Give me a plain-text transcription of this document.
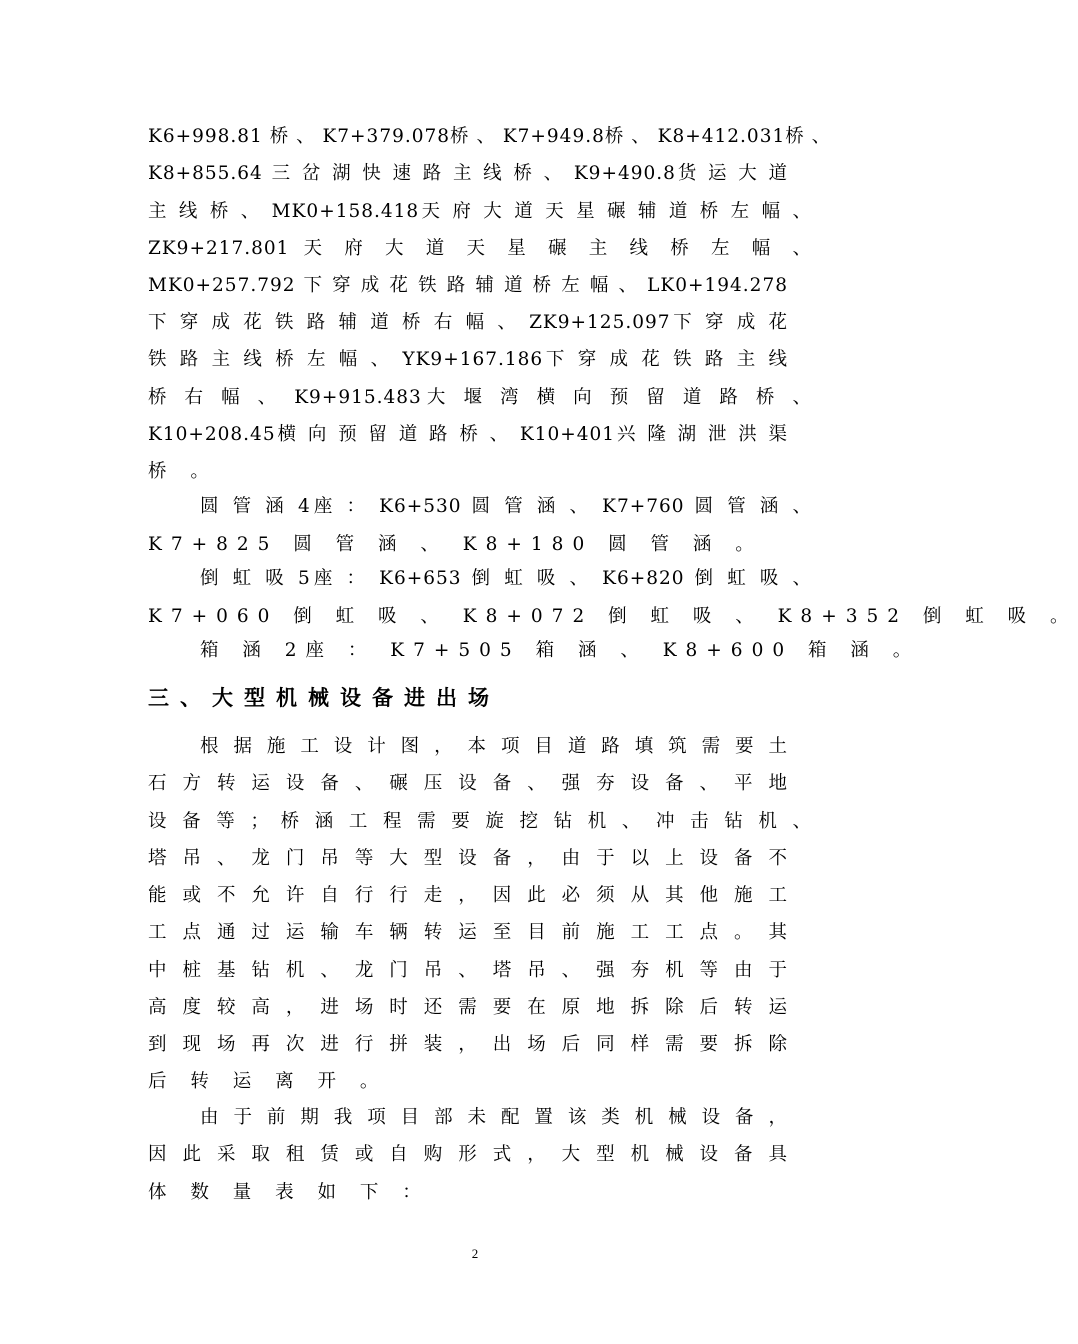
K6+998.81 桥 、 K7+379.078桥 、 K7+949.8桥 、 K8+412.031桥 、
K8+855.64 三 岔 湖 快 速 路 主 线 桥 、 K9+490.8货 运 大 道
主 线 桥 、 MK0+158.418天 府 大 道 天 星 碾 辅 道 桥 左 幅 、
ZK9+217.801 天 府 大 道 天 星 碾 主 线 桥 左 幅 、
MK0+257.792 下 穿 成 花 铁 路 辅 道 桥 左 幅 、 LK0+194.278
下 穿 成 花 铁 路 辅 道 桥 右 幅 、 ZK9+125.097下 穿 成 花
铁 路 主 线 桥 左 幅 、 YK9+167.186下 穿 成 花 铁 路 主 线
桥 右 幅 、 K9+915.483大 堰 湾 横 向 预 留 道 路 桥 、
K10+208.45横 向 预 留 道 路 桥 、 K10+401兴 隆 湖 泄 洪 渠
桥 。
圆 管 涵 4座 ： K6+530 圆 管 涵 、 K7+760 圆 管 涵 、
K7+825 圆 管 涵 、 K8+180 圆 管 涵 。
倒 虹 吸 5座 ： K6+653 倒 虹 吸 、 K6+820 倒 虹 吸 、
K7+060 倒 虹 吸 、 K8+072 倒 虹 吸 、 K8+352 倒 虹 吸 。
箱 涵 2座 ： K7+505 箱 涵 、 K8+600 箱 涵 。
三、大型机械设备进出场
根 据 施 工 设 计 图 ， 本 项 目 道 路 填 筑 需 要 土
石 方 转 运 设 备 、 碾 压 设 备 、 强 夯 设 备 、 平 地
设 备 等 ； 桥 涵 工 程 需 要 旋 挖 钻 机 、 冲 击 钻 机 、
塔 吊 、 龙 门 吊 等 大 型 设 备 ， 由 于 以 上 设 备 不
能 或 不 允 许 自 行 行 走 ， 因 此 必 须 从 其 他 施 工
工 点 通 过 运 输 车 辆 转 运 至 目 前 施 工 工 点 。 其
中 桩 基 钻 机 、 龙 门 吊 、 塔 吊 、 强 夯 机 等 由 于
高 度 较 高 ， 进 场 时 还 需 要 在 原 地 拆 除 后 转 运
到 现 场 再 次 进 行 拼 装 ， 出 场 后 同 样 需 要 拆 除
后 转 运 离 开 。
由 于 前 期 我 项 目 部 未 配 置 该 类 机 械 设 备 ，
因 此 采 取 租 赁 或 自 购 形 式 ， 大 型 机 械 设 备 具
体 数 量 表 如 下 ：
2
